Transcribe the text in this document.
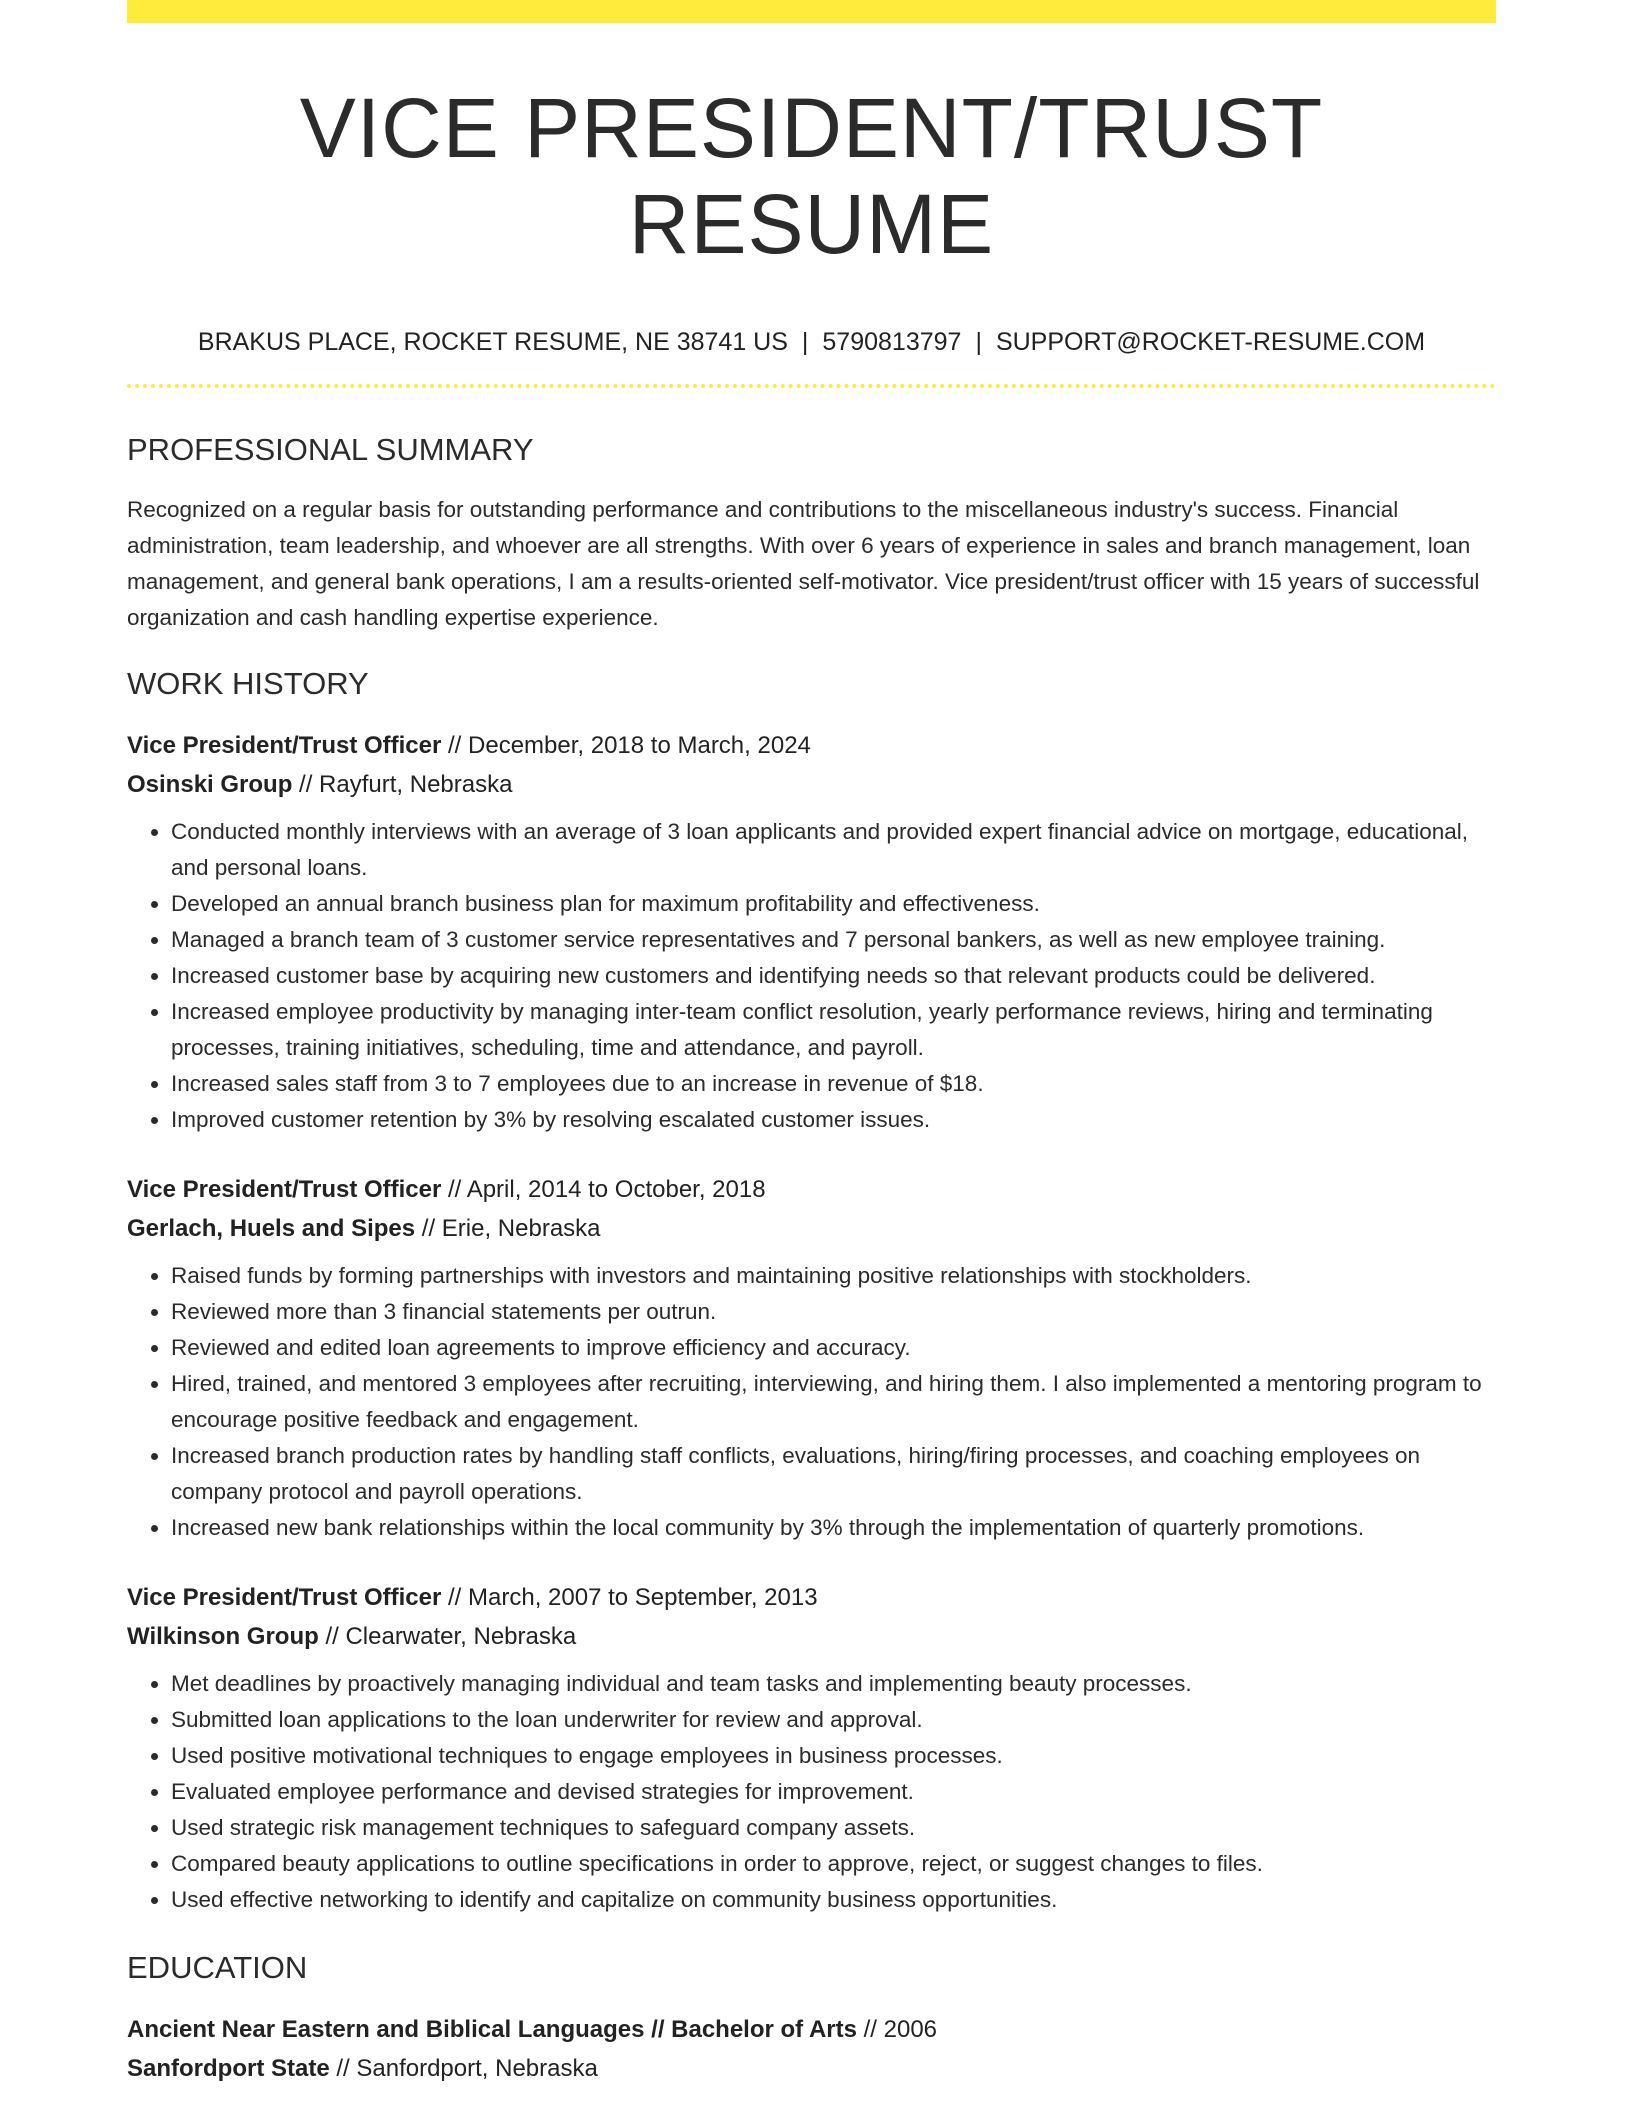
VICE PRESIDENT/TRUST RESUME
BRAKUS PLACE, ROCKET RESUME, NE 38741 US | 5790813797 | SUPPORT@ROCKET-RESUME.COM
PROFESSIONAL SUMMARY

Recognized on a regular basis for outstanding performance and contributions to the miscellaneous industry's success. Financial administration, team leadership, and whoever are all strengths. With over 6 years of experience in sales and branch management, loan management, and general bank operations, I am a results-oriented self-motivator. Vice president/trust officer with 15 years of successful organization and cash handling expertise experience.

WORK HISTORY
Vice President/Trust Officer // December, 2018 to March, 2024
Osinski Group // Rayfurt, Nebraska
• Conducted monthly interviews with an average of 3 loan applicants and provided expert financial advice on mortgage, educational, and personal loans.
• Developed an annual branch business plan for maximum profitability and effectiveness.
• Managed a branch team of 3 customer service representatives and 7 personal bankers, as well as new employee training.
• Increased customer base by acquiring new customers and identifying needs so that relevant products could be delivered.
• Increased employee productivity by managing inter-team conflict resolution, yearly performance reviews, hiring and terminating processes, training initiatives, scheduling, time and attendance, and payroll.
• Increased sales staff from 3 to 7 employees due to an increase in revenue of $18.
• Improved customer retention by 3% by resolving escalated customer issues.
Vice President/Trust Officer // April, 2014 to October, 2018
Gerlach, Huels and Sipes // Erie, Nebraska
• Raised funds by forming partnerships with investors and maintaining positive relationships with stockholders.
• Reviewed more than 3 financial statements per outrun.
• Reviewed and edited loan agreements to improve efficiency and accuracy.
• Hired, trained, and mentored 3 employees after recruiting, interviewing, and hiring them. I also implemented a mentoring program to encourage positive feedback and engagement.
• Increased branch production rates by handling staff conflicts, evaluations, hiring/firing processes, and coaching employees on company protocol and payroll operations.
• Increased new bank relationships within the local community by 3% through the implementation of quarterly promotions.
Vice President/Trust Officer // March, 2007 to September, 2013
Wilkinson Group // Clearwater, Nebraska
• Met deadlines by proactively managing individual and team tasks and implementing beauty processes.
• Submitted loan applications to the loan underwriter for review and approval.
• Used positive motivational techniques to engage employees in business processes.
• Evaluated employee performance and devised strategies for improvement.
• Used strategic risk management techniques to safeguard company assets.
• Compared beauty applications to outline specifications in order to approve, reject, or suggest changes to files.
• Used effective networking to identify and capitalize on community business opportunities.
EDUCATION
Ancient Near Eastern and Biblical Languages // Bachelor of Arts // 2006
Sanfordport State // Sanfordport, Nebraska
